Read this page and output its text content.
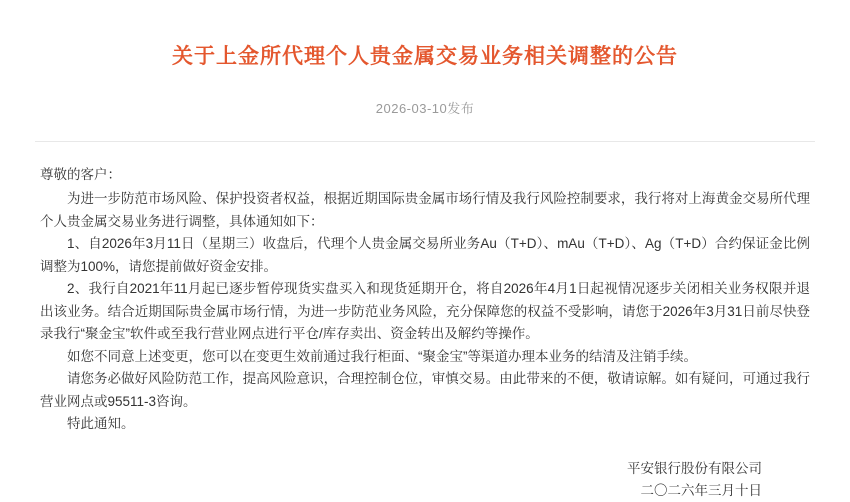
关于上金所代理个人贵金属交易业务相关调整的公告
2026-03-10发布
尊敬的客户：

为进一步防范市场风险、保护投资者权益，根据近期国际贵金属市场行情及我行风险控制要求，我行将对上海黄金交易所代理个人贵金属交易业务进行调整，具体通知如下：

1、自2026年3月11日（星期三）收盘后，代理个人贵金属交易所业务Au（T+D）、mAu（T+D）、Ag（T+D）合约保证金比例调整为100%，请您提前做好资金安排。

2、我行自2021年11月起已逐步暂停现货实盘买入和现货延期开仓，将自2026年4月1日起视情况逐步关闭相关业务权限并退出该业务。结合近期国际贵金属市场行情，为进一步防范业务风险，充分保障您的权益不受影响，请您于2026年3月31日前尽快登录我行“聚金宝”软件或至我行营业网点进行平仓/库存卖出、资金转出及解约等操作。

如您不同意上述变更，您可以在变更生效前通过我行柜面、“聚金宝”等渠道办理本业务的结清及注销手续。

请您务必做好风险防范工作，提高风险意识，合理控制仓位，审慎交易。由此带来的不便，敬请谅解。如有疑问，可通过我行营业网点或95511-3咨询。

特此通知。

平安银行股份有限公司
二〇二六年三月十日
